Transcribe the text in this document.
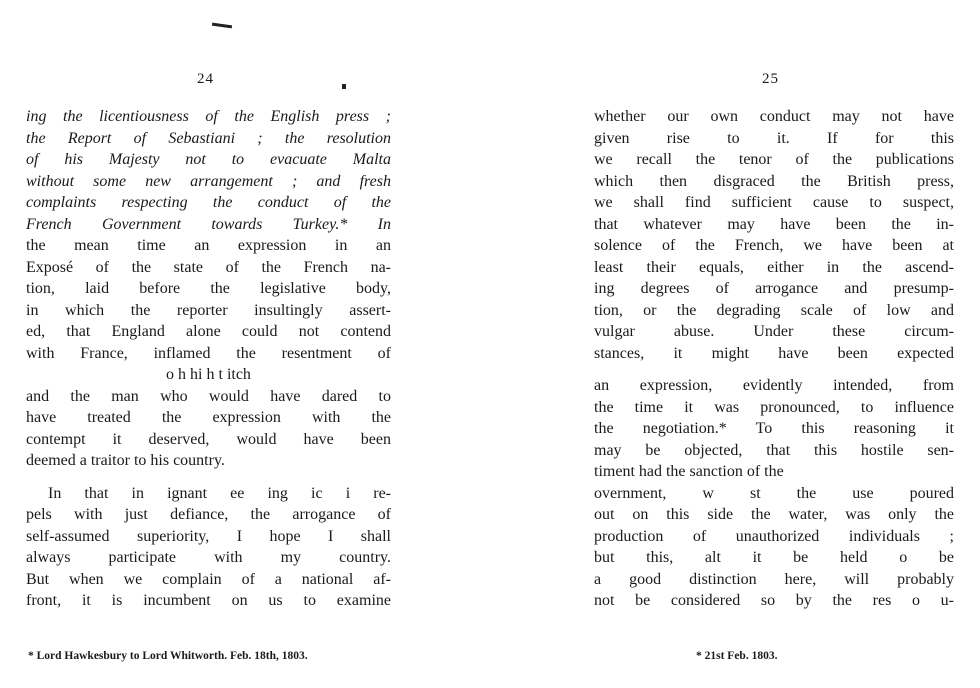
24
ing the licentiousness of the English press ;
the Report of Sebastiani ; the resolution
of his Majesty not to evacuate Malta
without some new arrangement ; and fresh
complaints respecting the conduct of the
French Government towards Turkey.* In
the mean time an expression in an
Exposé of the state of the French na-
tion, laid before the legislative body,
in which the reporter insultingly assert-
ed, that England alone could not contend
with France, inflamed the resentment of
o h hi h t itch
and the man who would have dared to
have treated the expression with the
contempt it deserved, would have been
deemed a traitor to his country.
In that in ignant ee ing ic i re-
pels with just defiance, the arrogance of
self-assumed superiority, I hope I shall
always participate with my country.
But when we complain of a national af-
front, it is incumbent on us to examine
* Lord Hawkesbury to Lord Whitworth. Feb. 18th, 1803.
25
whether our own conduct may not have
given rise to it. If for this
we recall the tenor of the publications
which then disgraced the British press,
we shall find sufficient cause to suspect,
that whatever may have been the in-
solence of the French, we have been at
least their equals, either in the ascend-
ing degrees of arrogance and presump-
tion, or the degrading scale of low and
vulgar abuse. Under these circum-
stances, it might have been expected
an expression, evidently intended, from
the time it was pronounced, to influence
the negotiation.* To this reasoning it
may be objected, that this hostile sen-
timent had the sanction of the
overnment, w st the use poured
out on this side the water, was only the
production of unauthorized individuals ;
but this, alt it be held o be
a good distinction here, will probably
not be considered so by the res o u-
* 21st Feb. 1803.
